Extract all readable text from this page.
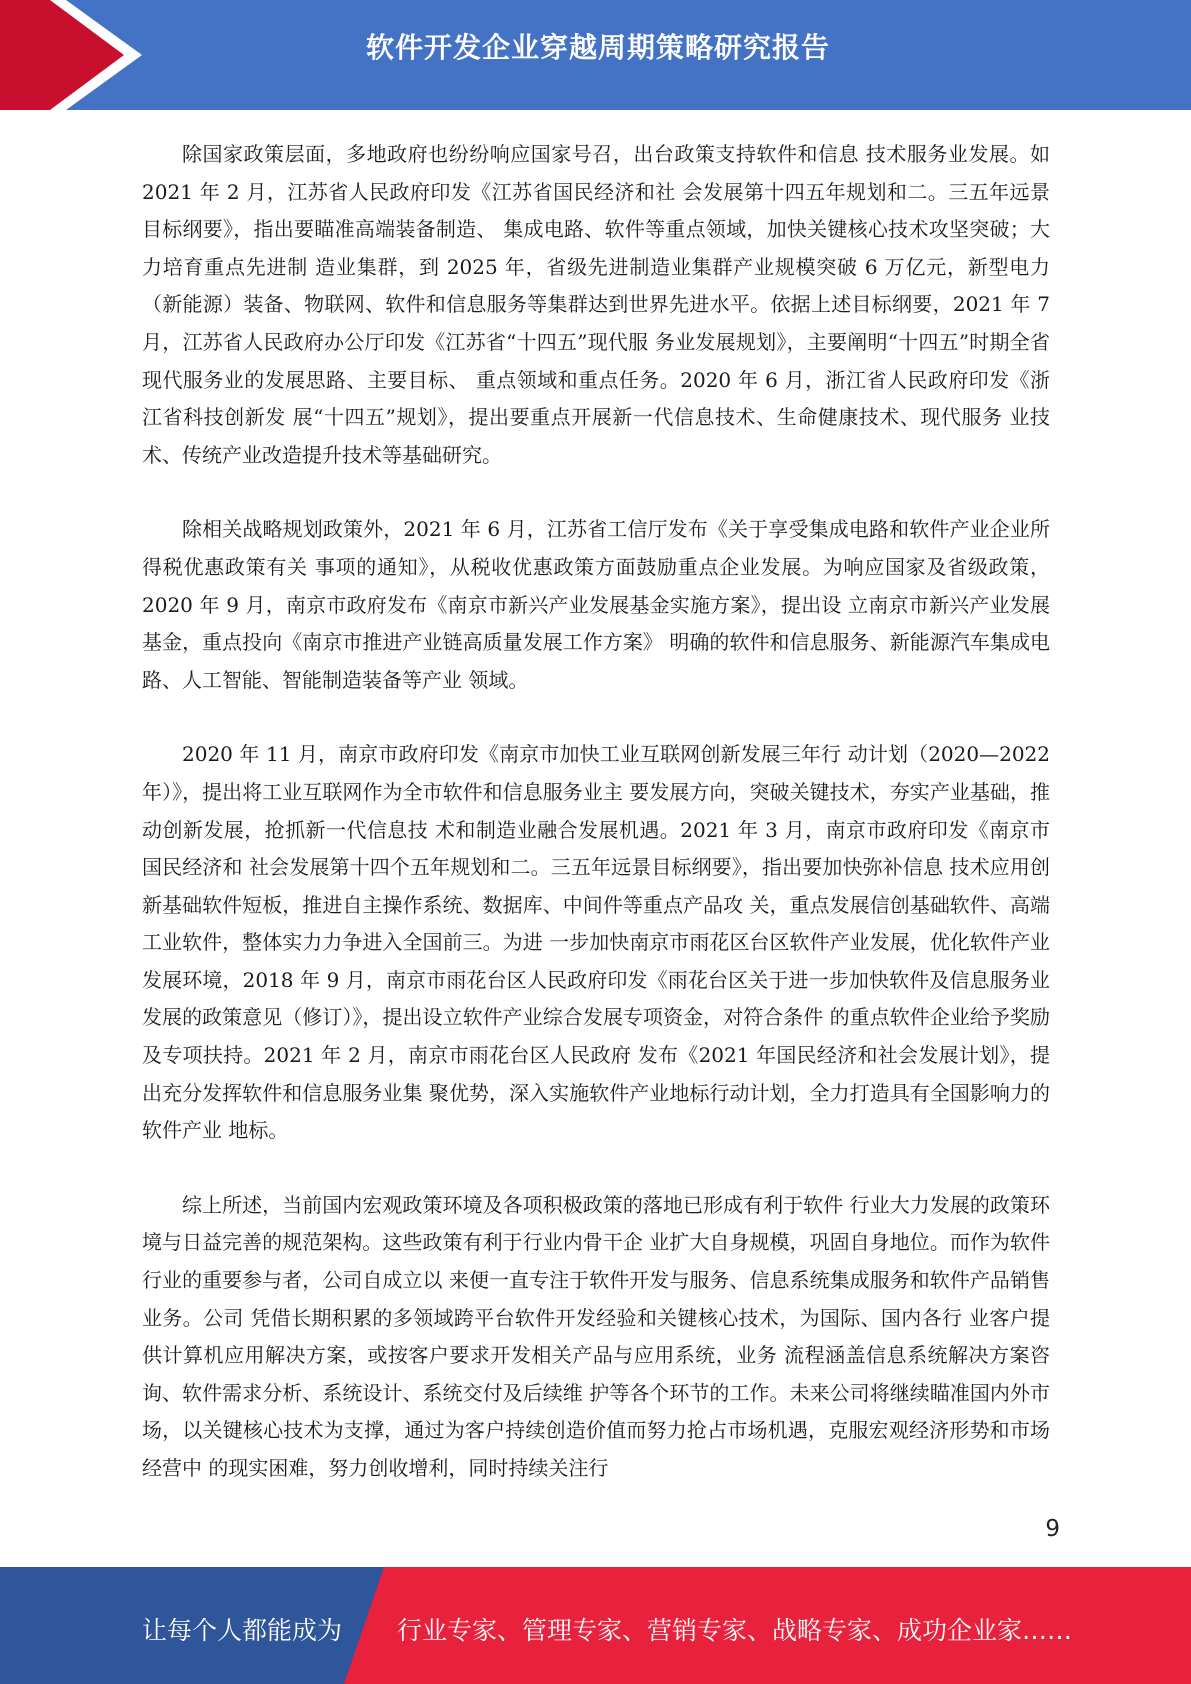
软件开发企业穿越周期策略研究报告

除国家政策层面，多地政府也纷纷响应国家号召，出台政策支持软件和信息 技术服务业发展。如 2021 年 2 月，江苏省人民政府印发《江苏省国民经济和社 会发展第十四五年规划和二。三五年远景目标纲要》，指出要瞄准高端装备制造、 集成电路、软件等重点领域，加快关键核心技术攻坚突破；大力培育重点先进制 造业集群，到 2025 年，省级先进制造业集群产业规模突破 6 万亿元，新型电力 （新能源）装备、物联网、软件和信息服务等集群达到世界先进水平。依据上述目标纲要，2021 年 7 月，江苏省人民政府办公厅印发《江苏省“十四五”现代服 务业发展规划》，主要阐明“十四五”时期全省现代服务业的发展思路、主要目标、 重点领域和重点任务。2020 年 6 月，浙江省人民政府印发《浙江省科技创新发 展“十四五”规划》，提出要重点开展新一代信息技术、生命健康技术、现代服务 业技术、传统产业改造提升技术等基础研究。

除相关战略规划政策外，2021 年 6 月，江苏省工信厅发布《关于享受集成电路和软件产业企业所得税优惠政策有关 事项的通知》，从税收优惠政策方面鼓励重点企业发展。为响应国家及省级政策，2020 年 9 月，南京市政府发布《南京市新兴产业发展基金实施方案》，提出设 立南京市新兴产业发展基金，重点投向《南京市推进产业链高质量发展工作方案》 明确的软件和信息服务、新能源汽车集成电路、人工智能、智能制造装备等产业 领域。

2020 年 11 月，南京市政府印发《南京市加快工业互联网创新发展三年行 动计划（2020—2022 年）》，提出将工业互联网作为全市软件和信息服务业主 要发展方向，突破关键技术，夯实产业基础，推动创新发展，抢抓新一代信息技 术和制造业融合发展机遇。2021 年 3 月，南京市政府印发《南京市国民经济和 社会发展第十四个五年规划和二。三五年远景目标纲要》，指出要加快弥补信息 技术应用创新基础软件短板，推进自主操作系统、数据库、中间件等重点产品攻 关，重点发展信创基础软件、高端工业软件，整体实力力争进入全国前三。为进 一步加快南京市雨花区台区软件产业发展，优化软件产业发展环境，2018 年 9 月，南京市雨花台区人民政府印发《雨花台区关于进一步加快软件及信息服务业 发展的政策意见（修订）》，提出设立软件产业综合发展专项资金，对符合条件 的重点软件企业给予奖励及专项扶持。2021 年 2 月，南京市雨花台区人民政府 发布《2021 年国民经济和社会发展计划》，提出充分发挥软件和信息服务业集 聚优势，深入实施软件产业地标行动计划，全力打造具有全国影响力的软件产业 地标。

综上所述，当前国内宏观政策环境及各项积极政策的落地已形成有利于软件 行业大力发展的政策环境与日益完善的规范架构。这些政策有利于行业内骨干企 业扩大自身规模，巩固自身地位。而作为软件行业的重要参与者，公司自成立以 来便一直专注于软件开发与服务、信息系统集成服务和软件产品销售业务。公司 凭借长期积累的多领域跨平台软件开发经验和关键核心技术，为国际、国内各行 业客户提供计算机应用解决方案，或按客户要求开发相关产品与应用系统，业务 流程涵盖信息系统解决方案咨询、软件需求分析、系统设计、系统交付及后续维 护等各个环节的工作。未来公司将继续瞄准国内外市场，以关键核心技术为支撑，通过为客户持续创造价值而努力抢占市场机遇，克服宏观经济形势和市场经营中 的现实困难，努力创收增利，同时持续关注行

9
让每个人都能成为 行业专家、管理专家、营销专家、战略专家、成功企业家……
